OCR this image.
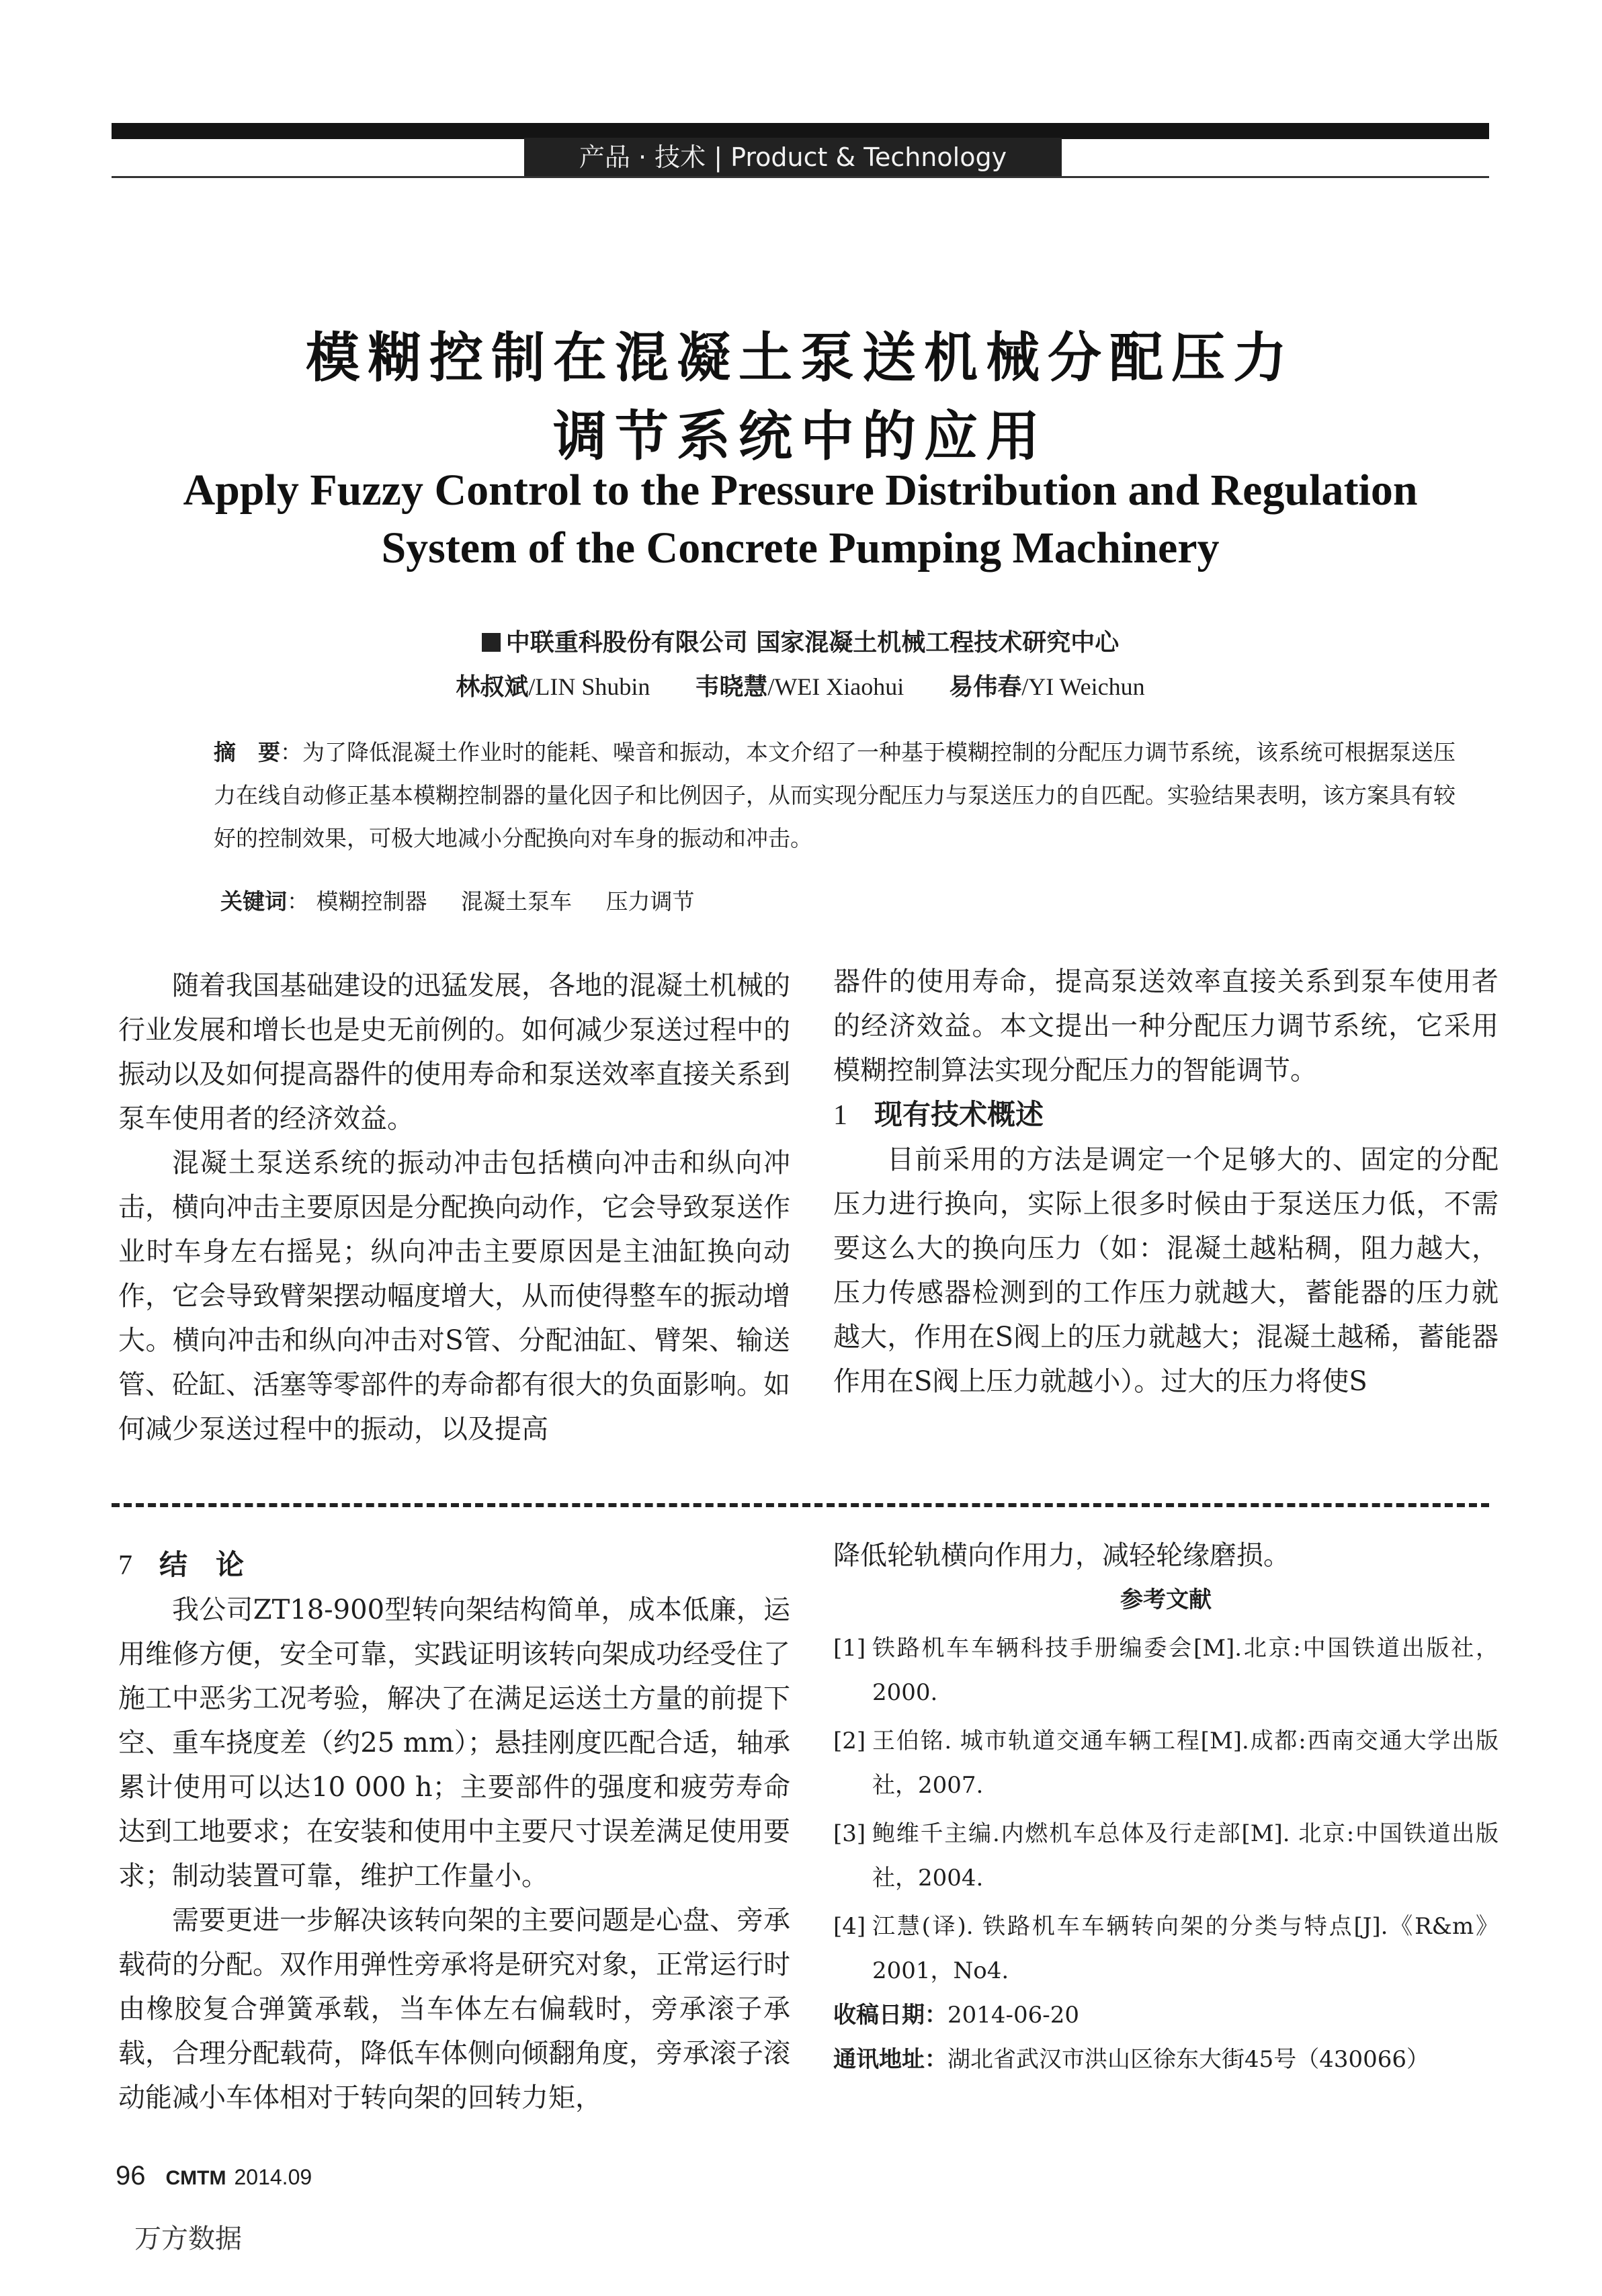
产品 · 技术 | Product & Technology
模糊控制在混凝土泵送机械分配压力
调节系统中的应用
Apply Fuzzy Control to the Pressure Distribution and Regulation
System of the Concrete Pumping Machinery
中联重科股份有限公司 国家混凝土机械工程技术研究中心
林叔斌/LIN Shubin 韦晓慧/WEI Xiaohui 易伟春/YI Weichun
摘　要：为了降低混凝土作业时的能耗、噪音和振动，本文介绍了一种基于模糊控制的分配压力调节系统，该系统可根据泵送压力在线自动修正基本模糊控制器的量化因子和比例因子，从而实现分配压力与泵送压力的自匹配。实验结果表明，该方案具有较好的控制效果，可极大地减小分配换向对车身的振动和冲击。
关键词： 模糊控制器 混凝土泵车 压力调节

随着我国基础建设的迅猛发展，各地的混凝土机械的行业发展和增长也是史无前例的。如何减少泵送过程中的振动以及如何提高器件的使用寿命和泵送效率直接关系到泵车使用者的经济效益。

混凝土泵送系统的振动冲击包括横向冲击和纵向冲击，横向冲击主要原因是分配换向动作，它会导致泵送作业时车身左右摇晃；纵向冲击主要原因是主油缸换向动作，它会导致臂架摆动幅度增大，从而使得整车的振动增大。横向冲击和纵向冲击对S管、分配油缸、臂架、输送管、砼缸、活塞等零部件的寿命都有很大的负面影响。如何减少泵送过程中的振动，以及提高

器件的使用寿命，提高泵送效率直接关系到泵车使用者的经济效益。本文提出一种分配压力调节系统，它采用模糊控制算法实现分配压力的智能调节。

1 现有技术概述

目前采用的方法是调定一个足够大的、固定的分配压力进行换向，实际上很多时候由于泵送压力低，不需要这么大的换向压力（如：混凝土越粘稠，阻力越大，压力传感器检测到的工作压力就越大，蓄能器的压力就越大，作用在S阀上的压力就越大；混凝土越稀，蓄能器作用在S阀上压力就越小）。过大的压力将使S

7 结　论

我公司ZT18-900型转向架结构简单，成本低廉，运用维修方便，安全可靠，实践证明该转向架成功经受住了施工中恶劣工况考验，解决了在满足运送土方量的前提下空、重车挠度差（约25 mm）；悬挂刚度匹配合适，轴承累计使用可以达10 000 h；主要部件的强度和疲劳寿命达到工地要求；在安装和使用中主要尺寸误差满足使用要求；制动装置可靠，维护工作量小。

需要更进一步解决该转向架的主要问题是心盘、旁承载荷的分配。双作用弹性旁承将是研究对象，正常运行时由橡胶复合弹簧承载，当车体左右偏载时，旁承滚子承载，合理分配载荷，降低车体侧向倾翻角度，旁承滚子滚动能减小车体相对于转向架的回转力矩，

降低轮轨横向作用力，减轻轮缘磨损。

参考文献

[1] 铁路机车车辆科技手册编委会[M].北京:中国铁道出版社，2000.

[2] 王伯铭. 城市轨道交通车辆工程[M].成都:西南交通大学出版社，2007.

[3] 鲍维千主编.内燃机车总体及行走部[M]. 北京:中国铁道出版社，2004.

[4] 江慧(译). 铁路机车车辆转向架的分类与特点[J].《R&m》2001，No4.

收稿日期：2014-06-20

通讯地址：湖北省武汉市洪山区徐东大街45号（430066）

96 CMTM 2014.09
万方数据
